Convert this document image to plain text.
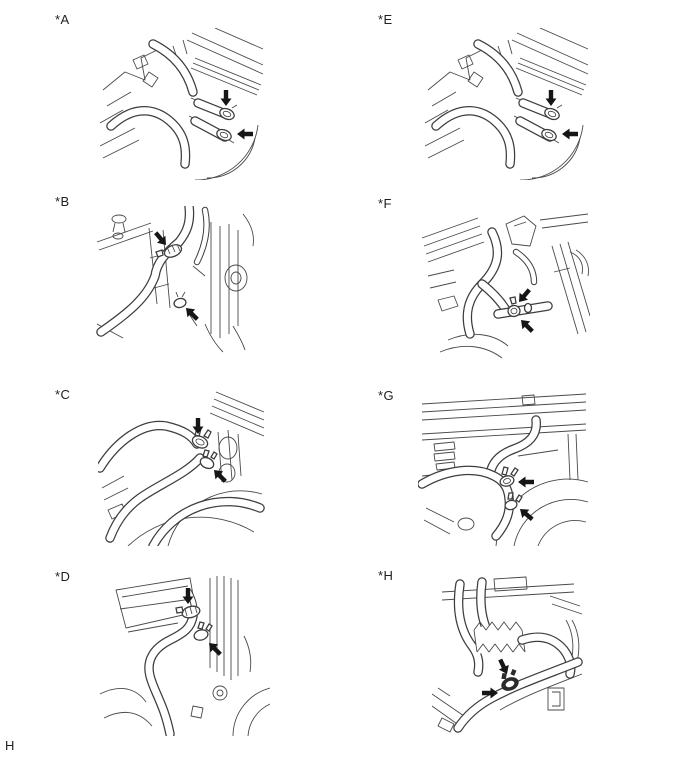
*A	*E
*B	*F
*C	*G
*D	*H
H
